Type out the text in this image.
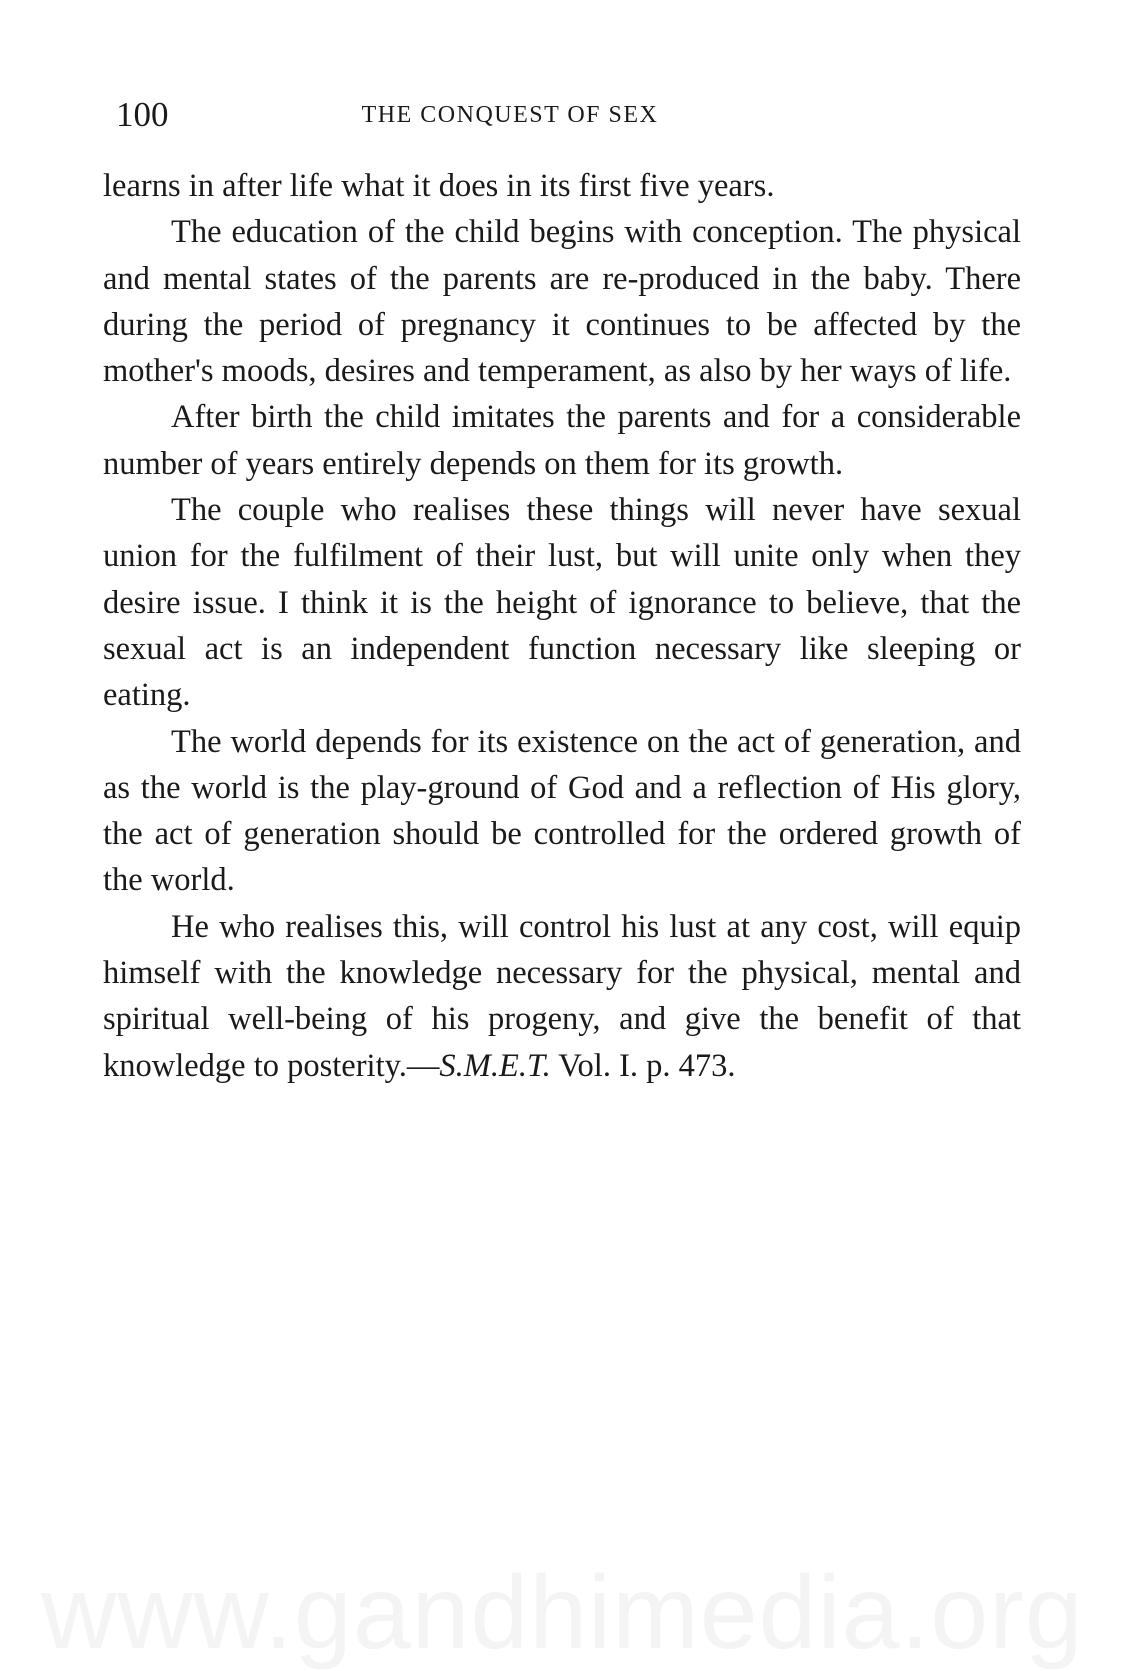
100	THE CONQUEST OF SEX

learns in after life what it does in its first five years.

The education of the child begins with conception. The physical and mental states of the parents are re-produced in the baby. There during the period of pregnancy it continues to be affected by the mother's moods, desires and temperament, as also by her ways of life.

After birth the child imitates the parents and for a considerable number of years entirely depends on them for its growth.

The couple who realises these things will never have sexual union for the fulfilment of their lust, but will unite only when they desire issue. I think it is the height of ignorance to believe, that the sexual act is an independent function necessary like sleeping or eating.

The world depends for its existence on the act of generation, and as the world is the play-ground of God and a reflection of His glory, the act of generation should be controlled for the ordered growth of the world.

He who realises this, will control his lust at any cost, will equip himself with the knowledge necessary for the physical, mental and spiritual well-being of his progeny, and give the benefit of that knowledge to posterity.—S.M.E.T. Vol. I. p. 473.

www.gandhimedia.org
